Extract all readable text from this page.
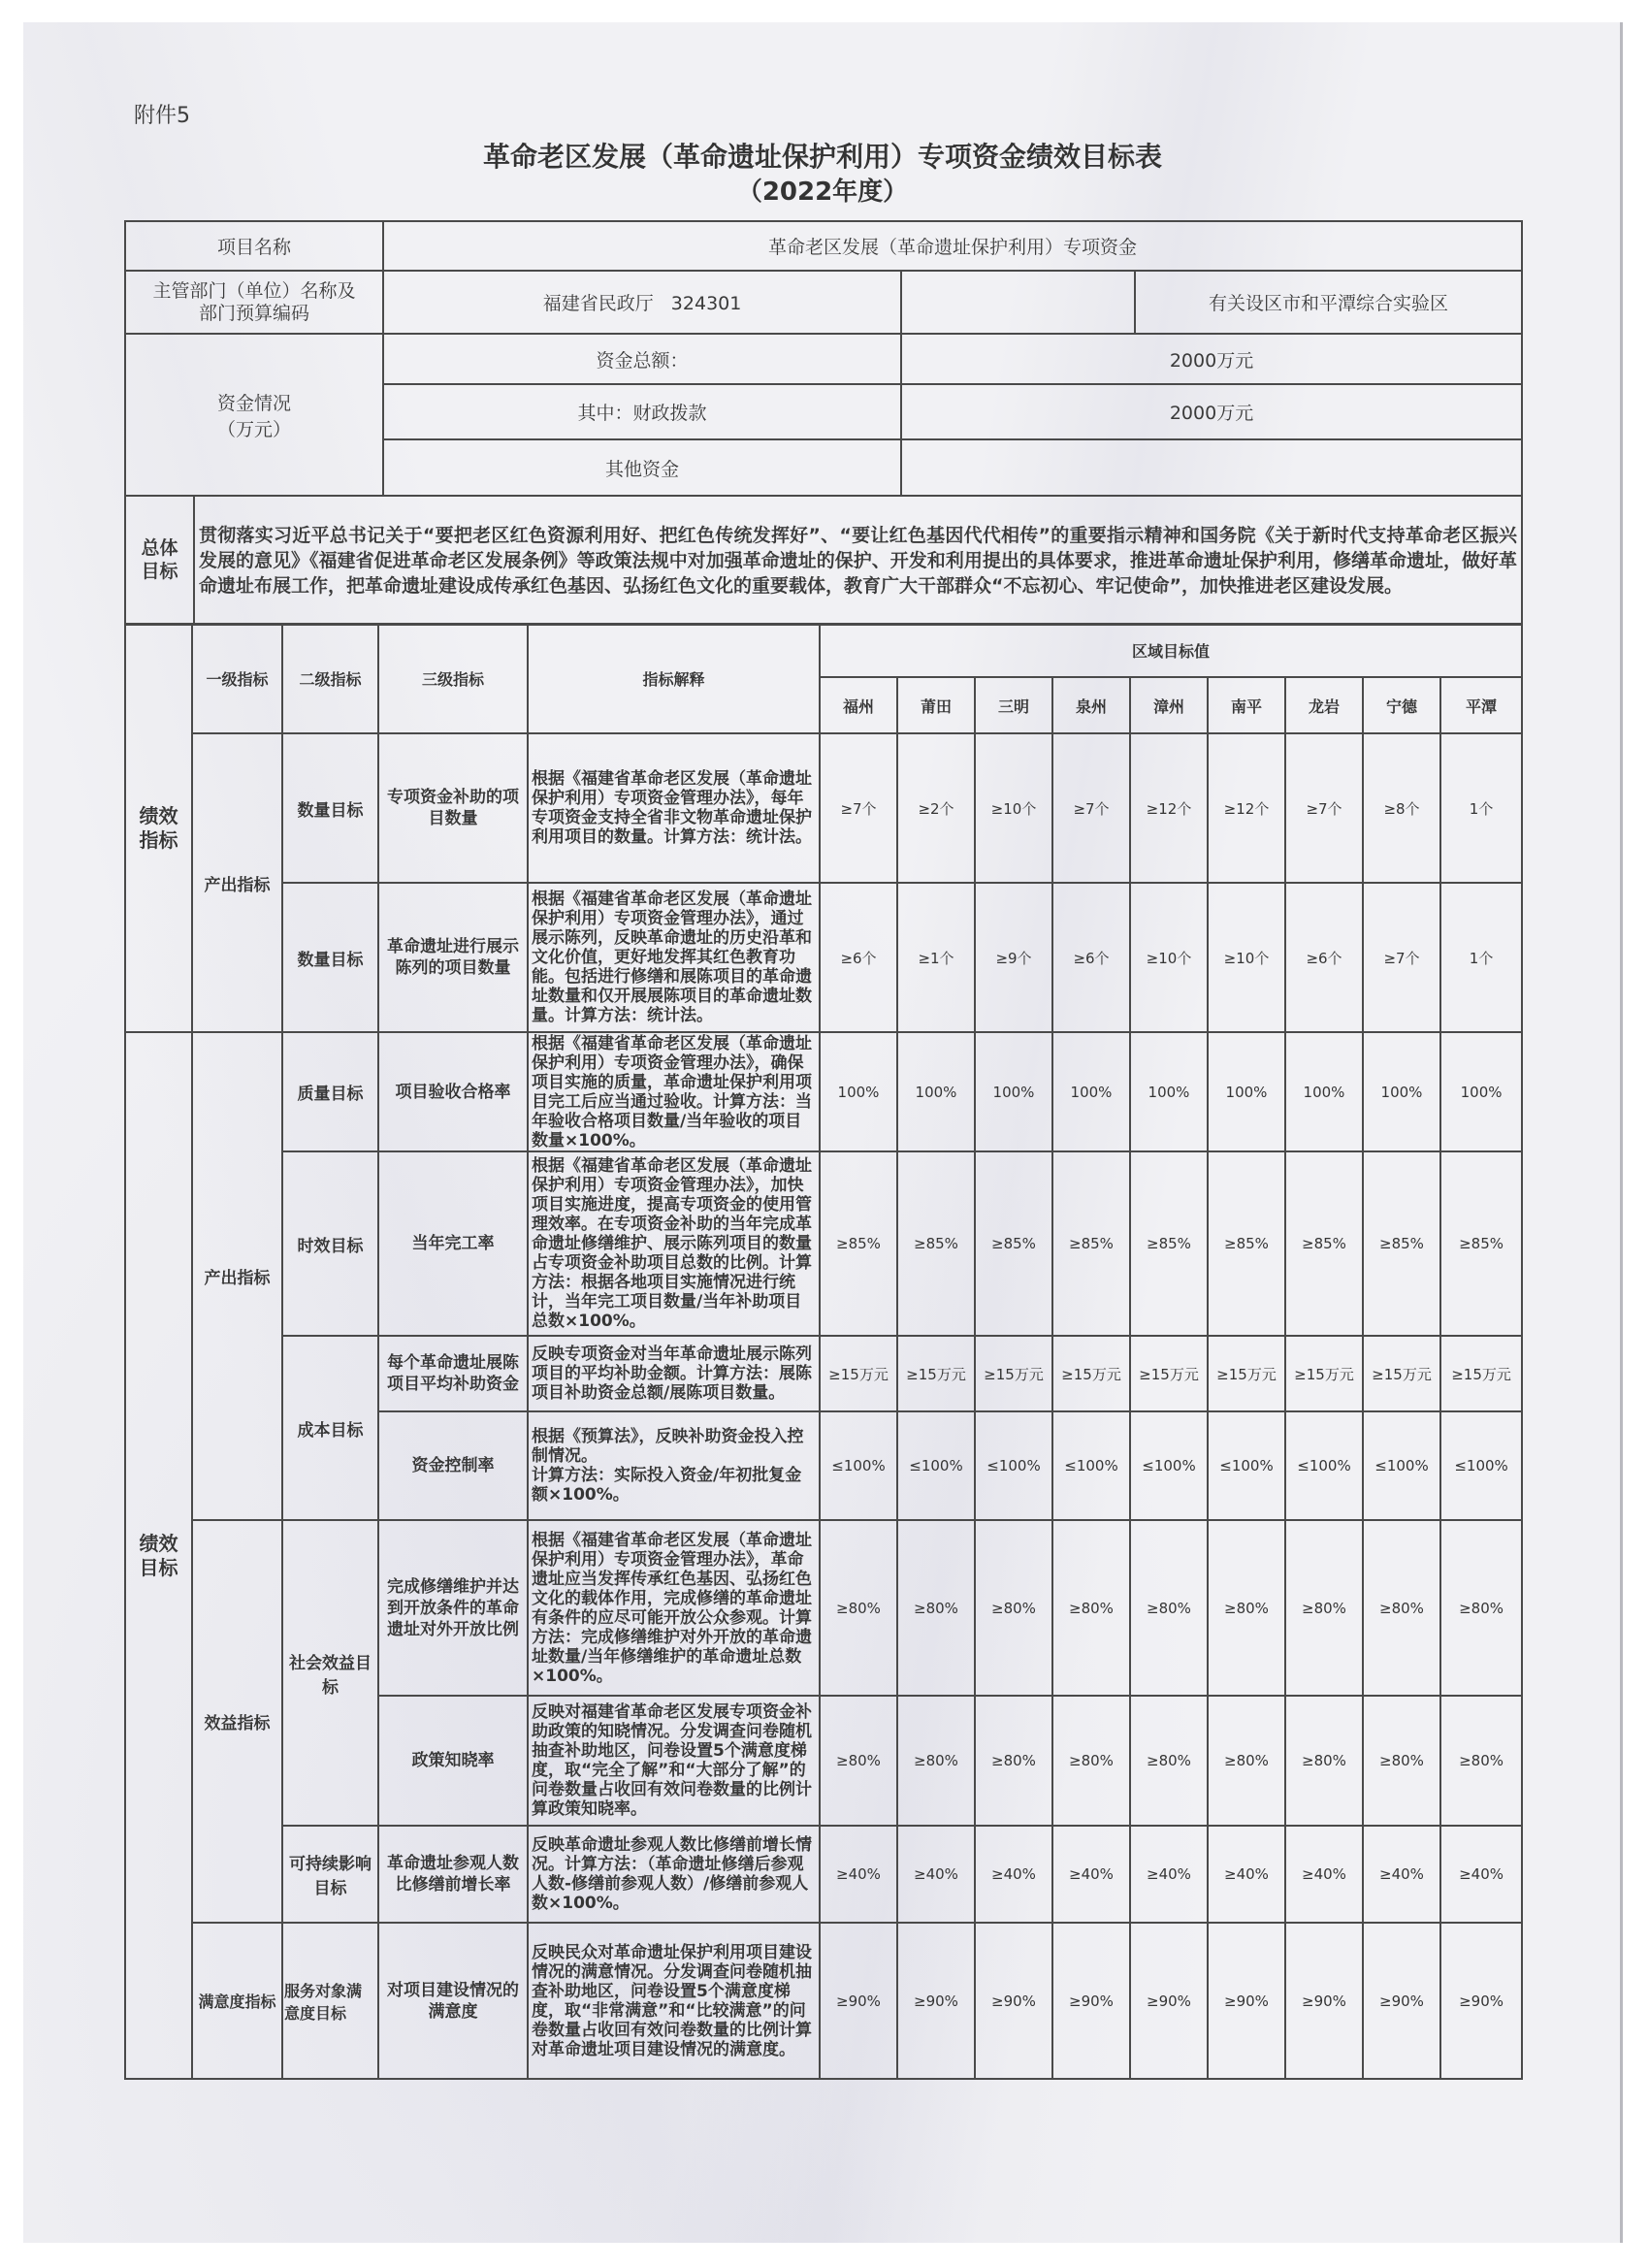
附件5
革命老区发展（革命遗址保护利用）专项资金绩效目标表
（2022年度）
项目名称		革命老区发展（革命遗址保护利用）专项资金		
主管部门（单位）名称及部门预算编码		福建省民政厅   324301		有关设区市和平潭综合实验区

资金情况
（万元）		资金总额：	2000万元	
		其中：财政拨款	2000万元	
		其他资金		
总体目标	贯彻落实习近平总书记关于“要把老区红色资源利用好、把红色传统发挥好”、“要让红色基因代代相传”的重要指示精神和国务院《关于新时代支持革命老区振兴发展的意见》《福建省促进革命老区发展条例》等政策法规中对加强革命遗址的保护、开发和利用提出的具体要求，推进革命遗址保护利用，修缮革命遗址，做好革命遗址布展工作，把革命遗址建设成传承红色基因、弘扬红色文化的重要载体，教育广大干部群众“不忘初心、牢记使命”，加快推进老区建设发展。			
绩效指标	一级指标	二级指标	三级指标	指标解释	区域目标值								
					福州	莆田	三明	泉州	漳州	南平	龙岩	宁德	平潭
	产出指标	数量目标	专项资金补助的项目数量	根据《福建省革命老区发展（革命遗址保护利用）专项资金管理办法》，每年专项资金支持全省非文物革命遗址保护利用项目的数量。计算方法：统计法。	≥7个	≥2个	≥10个	≥7个	≥12个	≥12个	≥7个	≥8个	1个
		数量目标	革命遗址进行展示陈列的项目数量	根据《福建省革命老区发展（革命遗址保护利用）专项资金管理办法》，通过展示陈列，反映革命遗址的历史沿革和文化价值，更好地发挥其红色教育功能。包括进行修缮和展陈项目的革命遗址数量和仅开展展陈项目的革命遗址数量。计算方法：统计法。	≥6个	≥1个	≥9个	≥6个	≥10个	≥10个	≥6个	≥7个	1个
绩效目标	产出指标	质量目标	项目验收合格率	根据《福建省革命老区发展（革命遗址保护利用）专项资金管理办法》，确保项目实施的质量，革命遗址保护利用项目完工后应当通过验收。计算方法：当年验收合格项目数量/当年验收的项目数量×100%。	100%	100%	100%	100%	100%	100%	100%	100%	100%
		时效目标	当年完工率	根据《福建省革命老区发展（革命遗址保护利用）专项资金管理办法》，加快项目实施进度，提高专项资金的使用管理效率。在专项资金补助的当年完成革命遗址修缮维护、展示陈列项目的数量占专项资金补助项目总数的比例。计算方法：根据各地项目实施情况进行统计，当年完工项目数量/当年补助项目总数×100%。	≥85%	≥85%	≥85%	≥85%	≥85%	≥85%	≥85%	≥85%	≥85%
		成本目标	每个革命遗址展陈项目平均补助资金	反映专项资金对当年革命遗址展示陈列项目的平均补助金额。计算方法：展陈项目补助资金总额/展陈项目数量。	≥15万元	≥15万元	≥15万元	≥15万元	≥15万元	≥15万元	≥15万元	≥15万元	≥15万元
			资金控制率	根据《预算法》，反映补助资金投入控制情况。
计算方法：实际投入资金/年初批复金额×100%。	≤100%	≤100%	≤100%	≤100%	≤100%	≤100%	≤100%	≤100%	≤100%
	效益指标	社会效益目标	完成修缮维护并达到开放条件的革命遗址对外开放比例	根据《福建省革命老区发展（革命遗址保护利用）专项资金管理办法》，革命遗址应当发挥传承红色基因、弘扬红色文化的载体作用，完成修缮的革命遗址有条件的应尽可能开放公众参观。计算方法：完成修缮维护对外开放的革命遗址数量/当年修缮维护的革命遗址总数×100%。	≥80%	≥80%	≥80%	≥80%	≥80%	≥80%	≥80%	≥80%	≥80%
			政策知晓率	反映对福建省革命老区发展专项资金补助政策的知晓情况。分发调查问卷随机抽查补助地区，问卷设置5个满意度梯度，取“完全了解”和“大部分了解”的问卷数量占收回有效问卷数量的比例计算政策知晓率。	≥80%	≥80%	≥80%	≥80%	≥80%	≥80%	≥80%	≥80%	≥80%
		可持续影响目标	革命遗址参观人数比修缮前增长率	反映革命遗址参观人数比修缮前增长情况。计算方法：（革命遗址修缮后参观人数-修缮前参观人数）/修缮前参观人数×100%。	≥40%	≥40%	≥40%	≥40%	≥40%	≥40%	≥40%	≥40%	≥40%
	满意度指标	服务对象满意度目标	对项目建设情况的满意度	反映民众对革命遗址保护利用项目建设情况的满意情况。分发调查问卷随机抽查补助地区，问卷设置5个满意度梯度，取“非常满意”和“比较满意”的问卷数量占收回有效问卷数量的比例计算对革命遗址项目建设情况的满意度。	≥90%	≥90%	≥90%	≥90%	≥90%	≥90%	≥90%	≥90%	≥90%
